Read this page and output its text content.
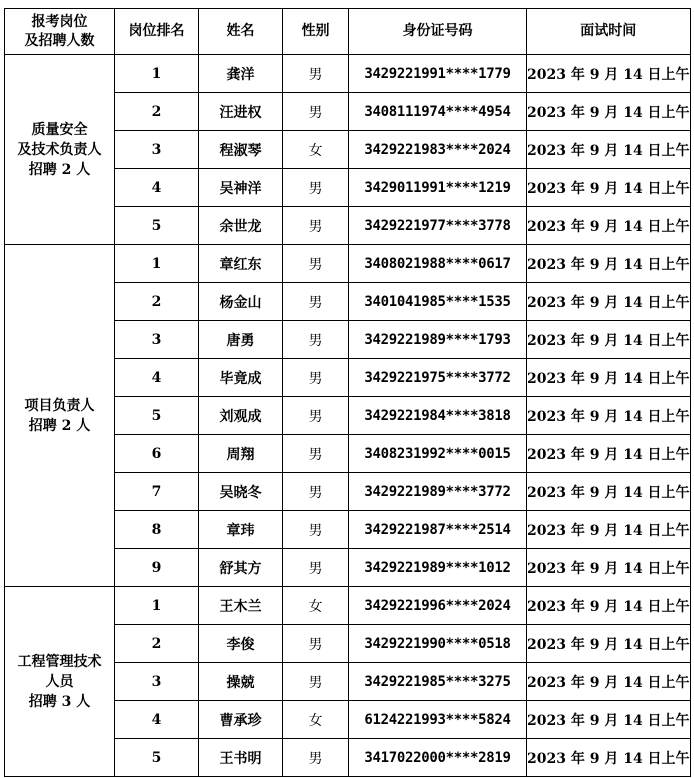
报考岗位
及招聘人数	岗位排名	姓名	性别	身份证号码	面试时间

质量安全
及技术负责人
招聘 2 人	1	龚洋	男	3429221991****1779	2023 年 9 月 14 日上午
	2	汪进权	男	3408111974****4954	2023 年 9 月 14 日上午
	3	程淑琴	女	3429221983****2024	2023 年 9 月 14 日上午
	4	吴神洋	男	3429011991****1219	2023 年 9 月 14 日上午
	5	余世龙	男	3429221977****3778	2023 年 9 月 14 日上午

项目负责人
招聘 2 人	1	章红东	男	3408021988****0617	2023 年 9 月 14 日上午
	2	杨金山	男	3401041985****1535	2023 年 9 月 14 日上午
	3	唐勇	男	3429221989****1793	2023 年 9 月 14 日上午
	4	毕竟成	男	3429221975****3772	2023 年 9 月 14 日上午
	5	刘观成	男	3429221984****3818	2023 年 9 月 14 日上午
	6	周翔	男	3408231992****0015	2023 年 9 月 14 日上午
	7	吴晓冬	男	3429221989****3772	2023 年 9 月 14 日上午
	8	章玮	男	3429221987****2514	2023 年 9 月 14 日上午
	9	舒其方	男	3429221989****1012	2023 年 9 月 14 日上午

工程管理技术
人员
招聘 3 人	1	王木兰	女	3429221996****2024	2023 年 9 月 14 日上午
	2	李俊	男	3429221990****0518	2023 年 9 月 14 日上午
	3	操兢	男	3429221985****3275	2023 年 9 月 14 日上午
	4	曹承珍	女	6124221993****5824	2023 年 9 月 14 日上午
	5	王书明	男	3417022000****2819	2023 年 9 月 14 日上午
